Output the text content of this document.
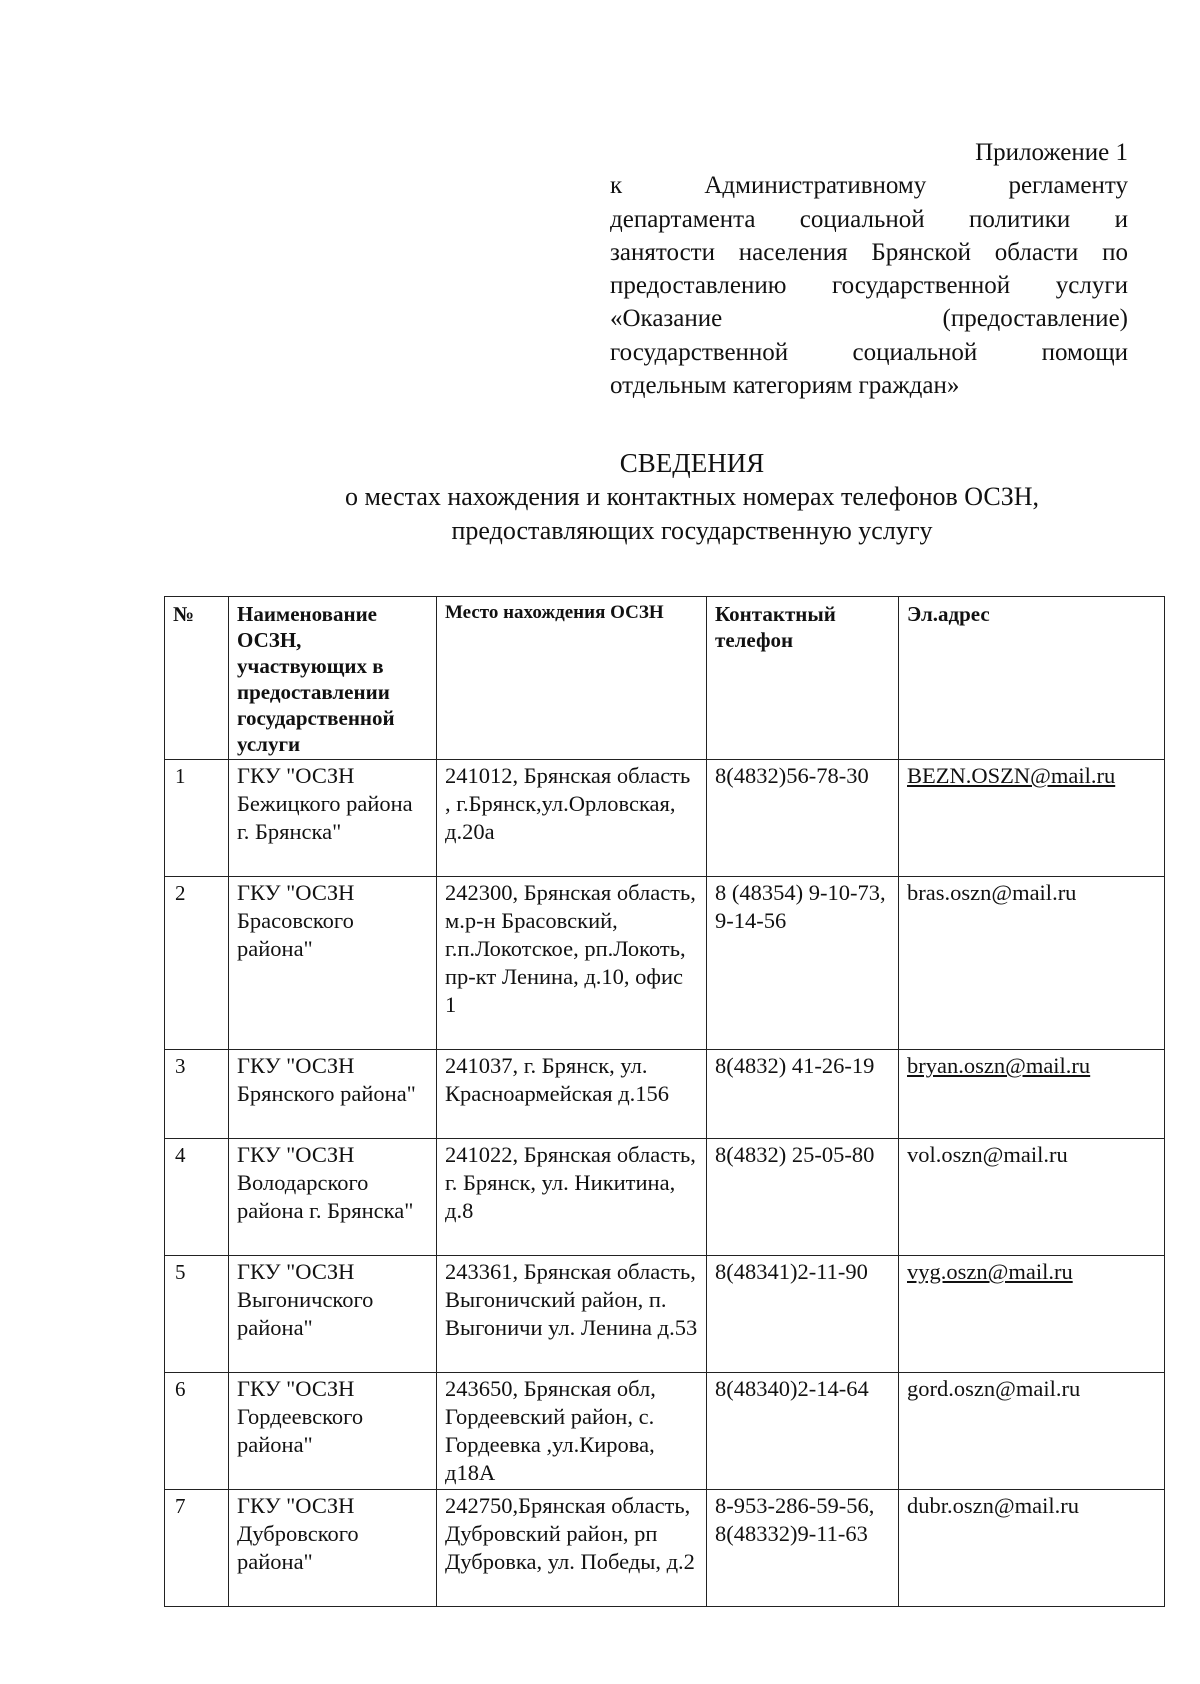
Приложение 1
к Административному регламенту
департамента социальной политики и
занятости населения Брянской области по
предоставлению государственной услуги
«Оказание (предоставление)
государственной социальной помощи
отдельным категориям граждан»
СВЕДЕНИЯ
о местах нахождения и контактных номерах телефонов ОСЗН,
предоставляющих государственную услугу
№	Наименование ОСЗН, участвующих в предоставлении государственной услуги	Место нахождения ОСЗН	Контактный телефон	Эл.адрес
1	ГКУ "ОСЗН Бежицкого района г. Брянска"	241012, Брянская область , г.Брянск,ул.Орловская, д.20а	8(4832)56-78-30	BEZN.OSZN@mail.ru
2	ГКУ "ОСЗН Брасовского района"	242300, Брянская область, м.р-н Брасовский, г.п.Локотское, рп.Локоть, пр-кт Ленина, д.10, офис 1	8 (48354) 9-10-73, 9-14-56	bras.oszn@mail.ru
3	ГКУ "ОСЗН Брянского района"	241037, г. Брянск, ул. Красноармейская д.156	8(4832) 41-26-19	bryan.oszn@mail.ru
4	ГКУ "ОСЗН Володарского района г. Брянска"	241022, Брянская область, г. Брянск, ул. Никитина, д.8	8(4832) 25-05-80	vol.oszn@mail.ru
5	ГКУ "ОСЗН Выгоничского района"	243361, Брянская область, Выгоничский район, п. Выгоничи ул. Ленина д.53	8(48341)2-11-90	vyg.oszn@mail.ru
6	ГКУ "ОСЗН Гордеевского района"	243650, Брянская обл, Гордеевский район, с. Гордеевка ,ул.Кирова, д18А	8(48340)2-14-64	gord.oszn@mail.ru
7	ГКУ "ОСЗН Дубровского района"	242750,Брянская область, Дубровский район, рп Дубровка, ул. Победы, д.2	8-953-286-59-56, 8(48332)9-11-63	dubr.oszn@mail.ru
